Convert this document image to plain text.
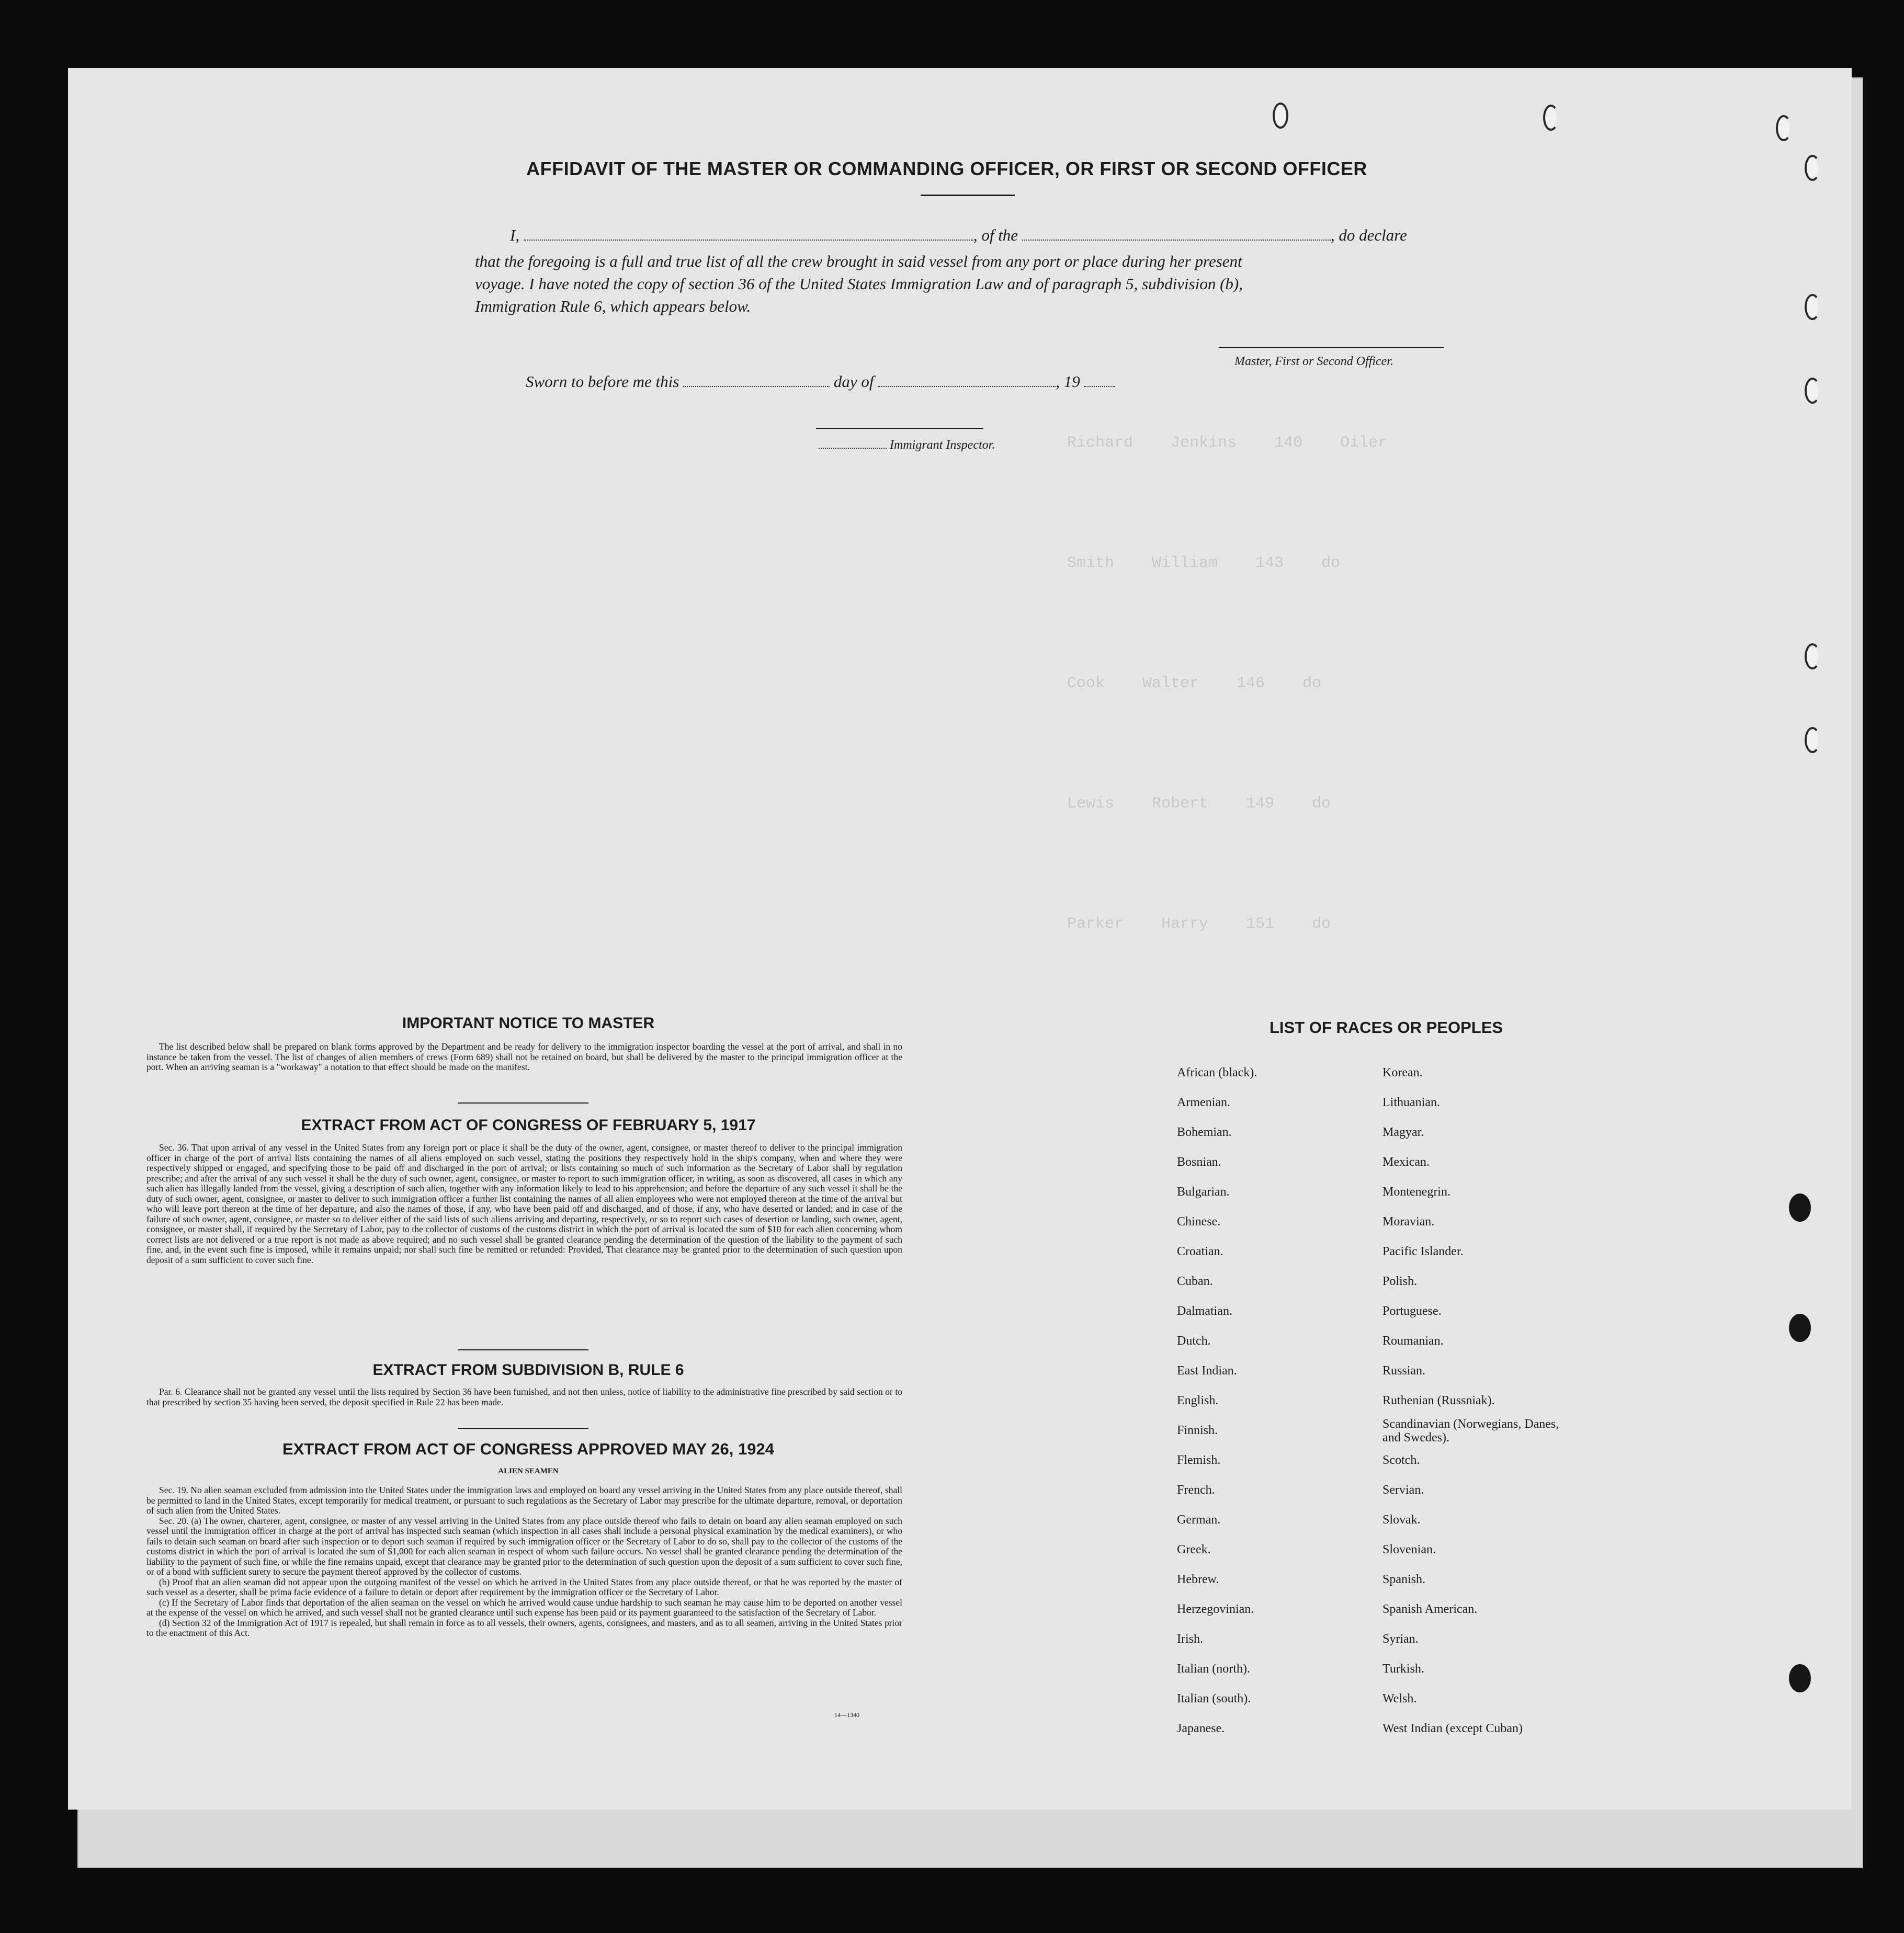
Richard    Jenkins    140    Oiler
Smith    William    143    do
Cook    Walter    146    do
Lewis    Robert    149    do
Parker    Harry    151    do
AFFIDAVIT OF THE MASTER OR COMMANDING OFFICER, OR FIRST OR SECOND OFFICER
I,	, of the	, do declare
that the foregoing is a full and true list of all the crew brought in said vessel from any port or place during her present
voyage. I have noted the copy of section 36 of the United States Immigration Law and of paragraph 5, subdivision (b),
Immigration Rule 6, which appears below.
Master, First or Second Officer.
Sworn to before me this	day of	, 19
Immigrant Inspector.
IMPORTANT NOTICE TO MASTER

The list described below shall be prepared on blank forms approved by the Department and be ready for delivery to the immigration inspector boarding the vessel at the port of arrival, and shall in no instance be taken from the vessel. The list of changes of alien members of crews (Form 689) shall not be retained on board, but shall be delivered by the master to the principal immigration officer at the port. When an arriving seaman is a "workaway" a notation to that effect should be made on the manifest.

EXTRACT FROM ACT OF CONGRESS OF FEBRUARY 5, 1917

Sec. 36. That upon arrival of any vessel in the United States from any foreign port or place it shall be the duty of the owner, agent, consignee, or master thereof to deliver to the principal immigration officer in charge of the port of arrival lists containing the names of all aliens employed on such vessel, stating the positions they respectively hold in the ship's company, when and where they were respectively shipped or engaged, and specifying those to be paid off and discharged in the port of arrival; or lists containing so much of such information as the Secretary of Labor shall by regulation prescribe; and after the arrival of any such vessel it shall be the duty of such owner, agent, consignee, or master to report to such immigration officer, in writing, as soon as discovered, all cases in which any such alien has illegally landed from the vessel, giving a description of such alien, together with any information likely to lead to his apprehension; and before the departure of any such vessel it shall be the duty of such owner, agent, consignee, or master to deliver to such immigration officer a further list containing the names of all alien employees who were not employed thereon at the time of the arrival but who will leave port thereon at the time of her departure, and also the names of those, if any, who have been paid off and discharged, and of those, if any, who have deserted or landed; and in case of the failure of such owner, agent, consignee, or master so to deliver either of the said lists of such aliens arriving and departing, respectively, or so to report such cases of desertion or landing, such owner, agent, consignee, or master shall, if required by the Secretary of Labor, pay to the collector of customs of the customs district in which the port of arrival is located the sum of $10 for each alien concerning whom correct lists are not delivered or a true report is not made as above required; and no such vessel shall be granted clearance pending the determination of the question of the liability to the payment of such fine, and, in the event such fine is imposed, while it remains unpaid; nor shall such fine be remitted or refunded: Provided, That clearance may be granted prior to the determination of such question upon deposit of a sum sufficient to cover such fine.

EXTRACT FROM SUBDIVISION B, RULE 6

Par. 6. Clearance shall not be granted any vessel until the lists required by Section 36 have been furnished, and not then unless, notice of liability to the administrative fine prescribed by said section or to that prescribed by section 35 having been served, the deposit specified in Rule 22 has been made.

EXTRACT FROM ACT OF CONGRESS APPROVED MAY 26, 1924
ALIEN SEAMEN

Sec. 19. No alien seaman excluded from admission into the United States under the immigration laws and employed on board any vessel arriving in the United States from any place outside thereof, shall be permitted to land in the United States, except temporarily for medical treatment, or pursuant to such regulations as the Secretary of Labor may prescribe for the ultimate departure, removal, or deportation of such alien from the United States.

Sec. 20. (a) The owner, charterer, agent, consignee, or master of any vessel arriving in the United States from any place outside thereof who fails to detain on board any alien seaman employed on such vessel until the immigration officer in charge at the port of arrival has inspected such seaman (which inspection in all cases shall include a personal physical examination by the medical examiners), or who fails to detain such seaman on board after such inspection or to deport such seaman if required by such immigration officer or the Secretary of Labor to do so, shall pay to the collector of the customs of the customs district in which the port of arrival is located the sum of $1,000 for each alien seaman in respect of whom such failure occurs. No vessel shall be granted clearance pending the determination of the liability to the payment of such fine, or while the fine remains unpaid, except that clearance may be granted prior to the determination of such question upon the deposit of a sum sufficient to cover such fine, or of a bond with sufficient surety to secure the payment thereof approved by the collector of customs.

(b) Proof that an alien seaman did not appear upon the outgoing manifest of the vessel on which he arrived in the United States from any place outside thereof, or that he was reported by the master of such vessel as a deserter, shall be prima facie evidence of a failure to detain or deport after requirement by the immigration officer or the Secretary of Labor.

(c) If the Secretary of Labor finds that deportation of the alien seaman on the vessel on which he arrived would cause undue hardship to such seaman he may cause him to be deported on another vessel at the expense of the vessel on which he arrived, and such vessel shall not be granted clearance until such expense has been paid or its payment guaranteed to the satisfaction of the Secretary of Labor.

(d) Section 32 of the Immigration Act of 1917 is repealed, but shall remain in force as to all vessels, their owners, agents, consignees, and masters, and as to all seamen, arriving in the United States prior to the enactment of this Act.

14—1340
LIST OF RACES OR PEOPLES
African (black).
Armenian.
Bohemian.
Bosnian.
Bulgarian.
Chinese.
Croatian.
Cuban.
Dalmatian.
Dutch.
East Indian.
English.
Finnish.
Flemish.
French.
German.
Greek.
Hebrew.
Herzegovinian.
Irish.
Italian (north).
Italian (south).
Japanese.
Korean.
Lithuanian.
Magyar.
Mexican.
Montenegrin.
Moravian.
Pacific Islander.
Polish.
Portuguese.
Roumanian.
Russian.
Ruthenian (Russniak).
Scandinavian (Norwegians, Danes, and Swedes).
Scotch.
Servian.
Slovak.
Slovenian.
Spanish.
Spanish American.
Syrian.
Turkish.
Welsh.
West Indian (except Cuban)
